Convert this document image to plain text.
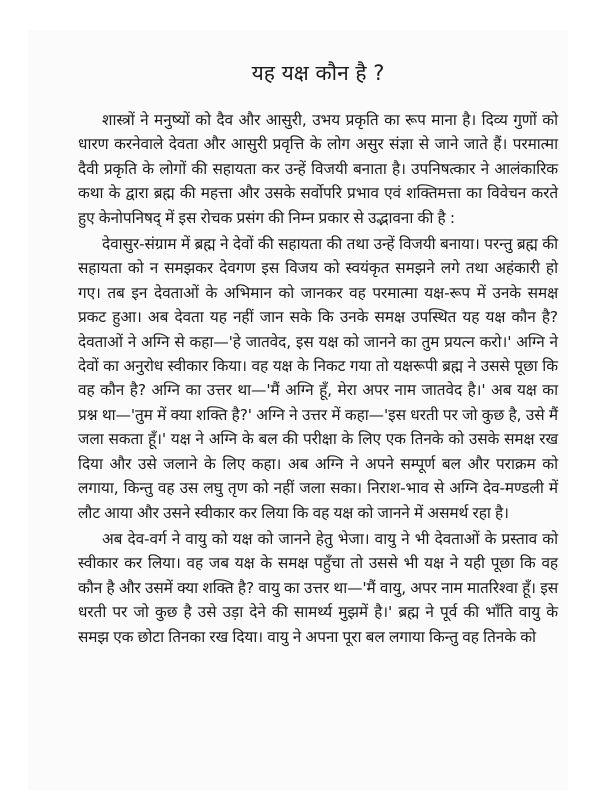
यह यक्ष कौन है ?

शास्त्रों ने मनुष्यों को दैव और आसुरी, उभय प्रकृति का रूप माना है। दिव्य गुणों को धारण करनेवाले देवता और आसुरी प्रवृत्ति के लोग असुर संज्ञा से जाने जाते हैं। परमात्मा दैवी प्रकृति के लोगों की सहायता कर उन्हें विजयी बनाता है। उपनिषत्कार ने आलंकारिक कथा के द्वारा ब्रह्म की महत्ता और उसके सर्वोपरि प्रभाव एवं शक्तिमत्ता का विवेचन करते हुए केनोपनिषद् में इस रोचक प्रसंग की निम्न प्रकार से उद्भावना की है :

देवासुर-संग्राम में ब्रह्म ने देवों की सहायता की तथा उन्हें विजयी बनाया। परन्तु ब्रह्म की सहायता को न समझकर देवगण इस विजय को स्वयंकृत समझने लगे तथा अहंकारी हो गए। तब इन देवताओं के अभिमान को जानकर वह परमात्मा यक्ष-रूप में उनके समक्ष प्रकट हुआ। अब देवता यह नहीं जान सके कि उनके समक्ष उपस्थित यह यक्ष कौन है? देवताओं ने अग्नि से कहा—'हे जातवेद, इस यक्ष को जानने का तुम प्रयत्न करो।' अग्नि ने देवों का अनुरोध स्वीकार किया। वह यक्ष के निकट गया तो यक्षरूपी ब्रह्म ने उससे पूछा कि वह कौन है? अग्नि का उत्तर था—'मैं अग्नि हूँ, मेरा अपर नाम जातवेद है।' अब यक्ष का प्रश्न था—'तुम में क्या शक्ति है?' अग्नि ने उत्तर में कहा—'इस धरती पर जो कुछ है, उसे मैं जला सकता हूँ।' यक्ष ने अग्नि के बल की परीक्षा के लिए एक तिनके को उसके समक्ष रख दिया और उसे जलाने के लिए कहा। अब अग्नि ने अपने सम्पूर्ण बल और पराक्रम को लगाया, किन्तु वह उस लघु तृण को नहीं जला सका। निराश-भाव से अग्नि देव-मण्डली में लौट आया और उसने स्वीकार कर लिया कि वह यक्ष को जानने में असमर्थ रहा है।

अब देव-वर्ग ने वायु को यक्ष को जानने हेतु भेजा। वायु ने भी देवताओं के प्रस्ताव को स्वीकार कर लिया। वह जब यक्ष के समक्ष पहुँचा तो उससे भी यक्ष ने यही पूछा कि वह कौन है और उसमें क्या शक्ति है? वायु का उत्तर था—'मैं वायु, अपर नाम मातरिश्वा हूँ। इस धरती पर जो कुछ है उसे उड़ा देने की सामर्थ्य मुझमें है।' ब्रह्म ने पूर्व की भाँति वायु के समझ एक छोटा तिनका रख दिया। वायु ने अपना पूरा बल लगाया किन्तु वह तिनके को
